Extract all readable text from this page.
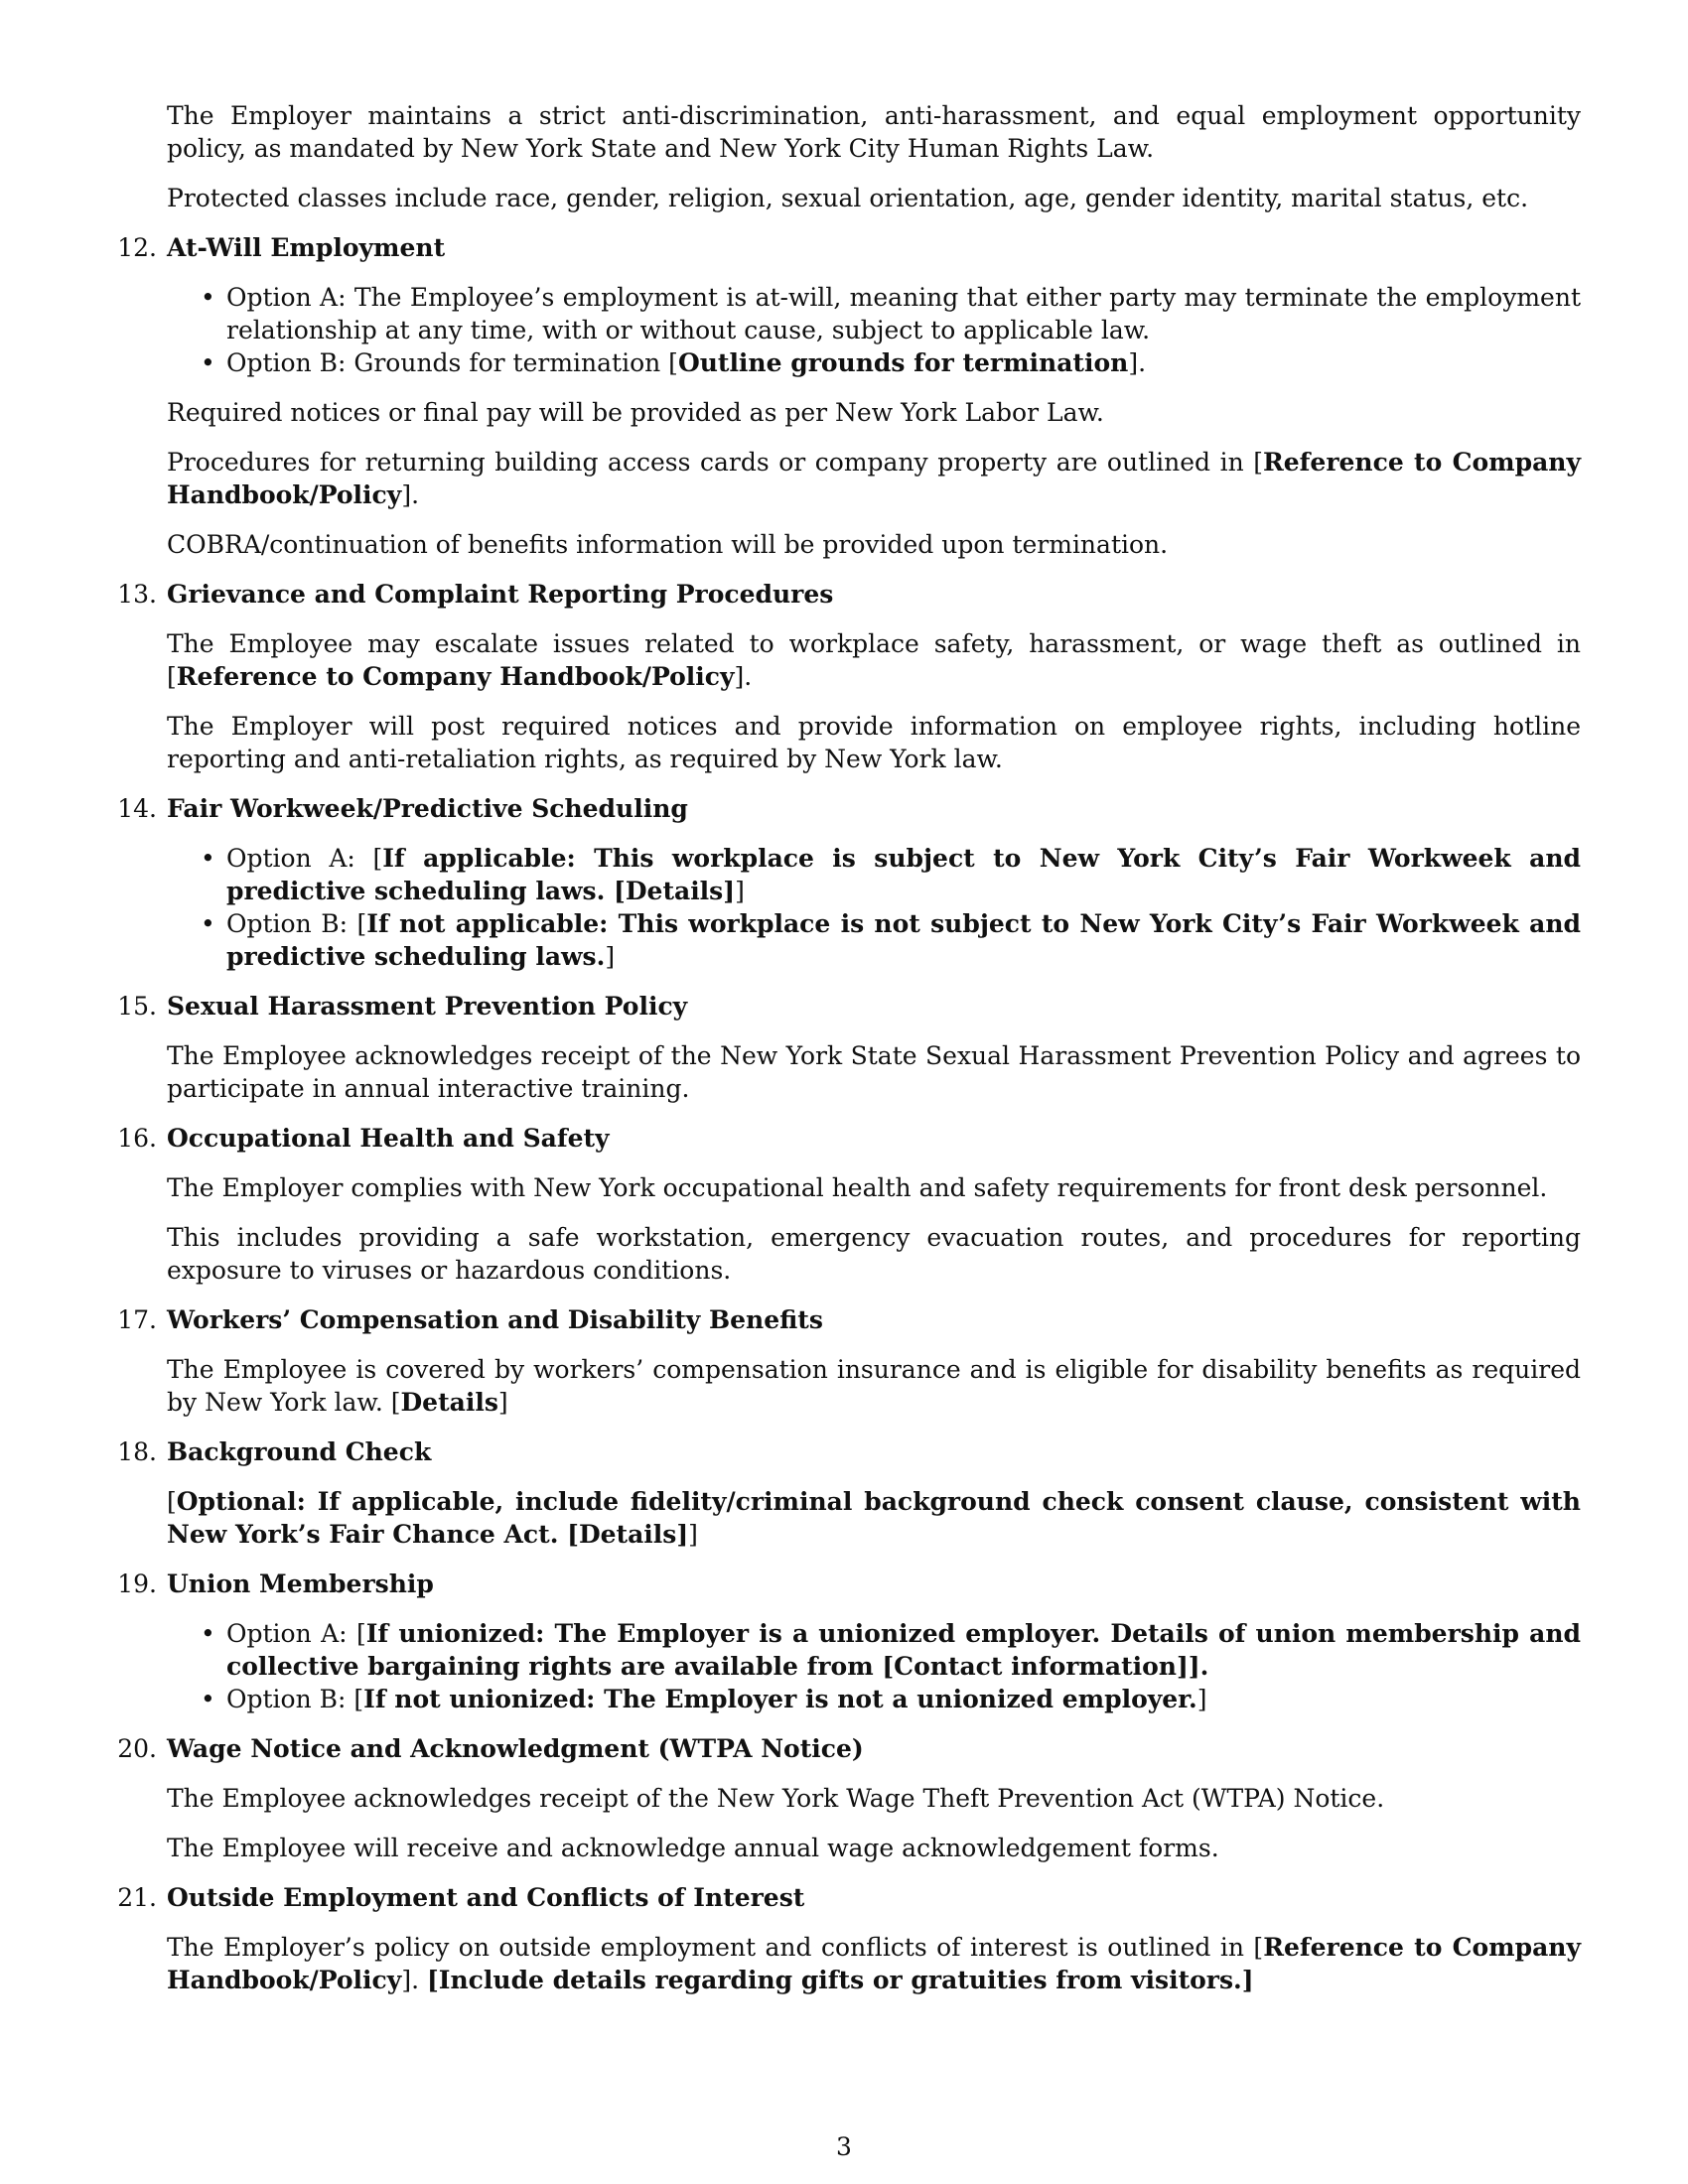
The Employer maintains a strict anti-discrimination, anti-harassment, and equal employment opportunity policy, as mandated by New York State and New York City Human Rights Law.

Protected classes include race, gender, religion, sexual orientation, age, gender identity, marital status, etc.

12. At-Will Employment
• Option A: The Employee’s employment is at-will, meaning that either party may terminate the employment relationship at any time, with or without cause, subject to applicable law.
• Option B: Grounds for termination [Outline grounds for termination].

Required notices or final pay will be provided as per New York Labor Law.

Procedures for returning building access cards or company property are outlined in [Reference to Company Handbook/Policy].

COBRA/continuation of benefits information will be provided upon termination.

13. Grievance and Complaint Reporting Procedures

The Employee may escalate issues related to workplace safety, harassment, or wage theft as outlined in [Reference to Company Handbook/Policy].

The Employer will post required notices and provide information on employee rights, including hotline reporting and anti-retaliation rights, as required by New York law.

14. Fair Workweek/Predictive Scheduling
• Option A: [If applicable: This workplace is subject to New York City’s Fair Workweek and predictive scheduling laws. [Details]]
• Option B: [If not applicable: This workplace is not subject to New York City’s Fair Workweek and predictive scheduling laws.]
15. Sexual Harassment Prevention Policy

The Employee acknowledges receipt of the New York State Sexual Harassment Prevention Policy and agrees to participate in annual interactive training.

16. Occupational Health and Safety

The Employer complies with New York occupational health and safety requirements for front desk personnel.

This includes providing a safe workstation, emergency evacuation routes, and procedures for reporting exposure to viruses or hazardous conditions.

17. Workers’ Compensation and Disability Benefits

The Employee is covered by workers’ compensation insurance and is eligible for disability benefits as required by New York law. [Details]

18. Background Check

[Optional: If applicable, include fidelity/criminal background check consent clause, consistent with New York’s Fair Chance Act. [Details]]

19. Union Membership
• Option A: [If unionized: The Employer is a unionized employer. Details of union membership and collective bargaining rights are available from [Contact information]].
• Option B: [If not unionized: The Employer is not a unionized employer.]
20. Wage Notice and Acknowledgment (WTPA Notice)

The Employee acknowledges receipt of the New York Wage Theft Prevention Act (WTPA) Notice.

The Employee will receive and acknowledge annual wage acknowledgement forms.

21. Outside Employment and Conflicts of Interest

The Employer’s policy on outside employment and conflicts of interest is outlined in [Reference to Company Handbook/Policy]. [Include details regarding gifts or gratuities from visitors.]

3
